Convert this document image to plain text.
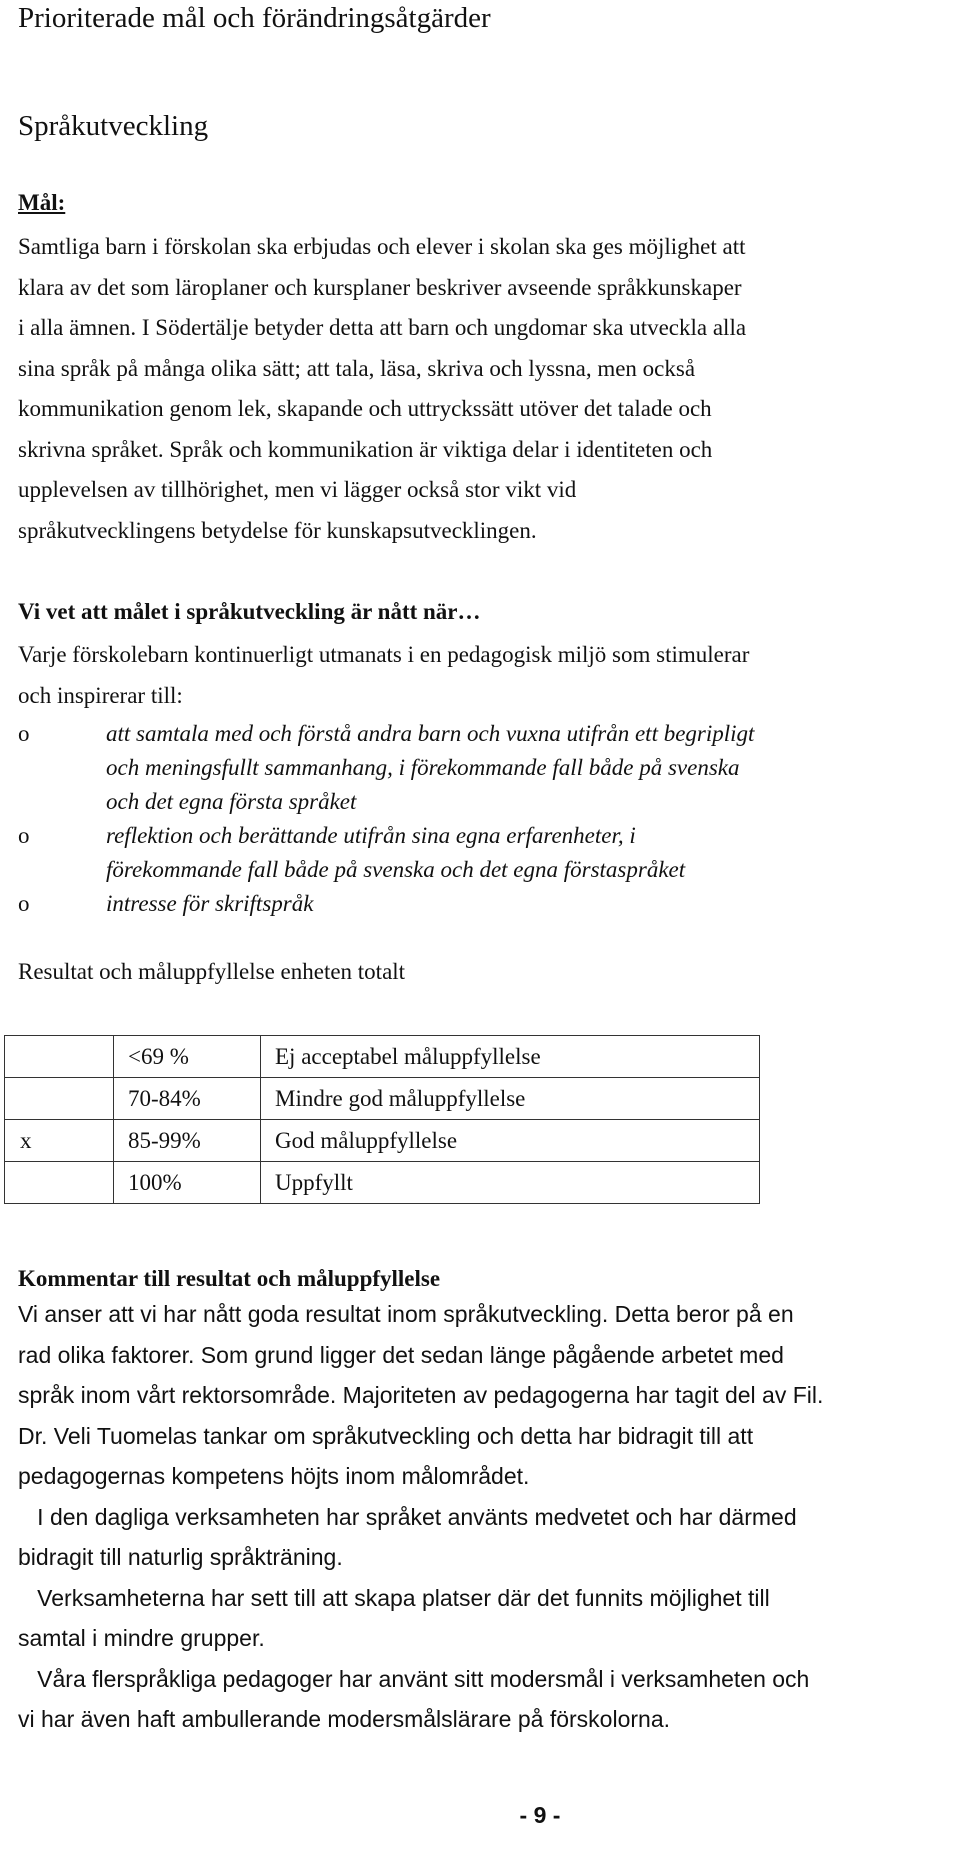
Prioriterade mål och förändringsåtgärder
Språkutveckling
Mål:
Samtliga barn i förskolan ska erbjudas och elever i skolan ska ges möjlighet att
klara av det som läroplaner och kursplaner beskriver avseende språkkunskaper
i alla ämnen. I Södertälje betyder detta att barn och ungdomar ska utveckla alla
sina språk på många olika sätt; att tala, läsa, skriva och lyssna, men också
kommunikation genom lek, skapande och uttryckssätt utöver det talade och
skrivna språket. Språk och kommunikation är viktiga delar i identiteten och
upplevelsen av tillhörighet, men vi lägger också stor vikt vid
språkutvecklingens betydelse för kunskapsutvecklingen.
Vi vet att målet i språkutveckling är nått när…
Varje förskolebarn kontinuerligt utmanats i en pedagogisk miljö som stimulerar
och inspirerar till:
o	att samtala med och förstå andra barn och vuxna utifrån ett begripligt
och meningsfullt sammanhang, i förekommande fall både på svenska
och det egna första språket
o	reflektion och berättande utifrån sina egna erfarenheter, i
förekommande fall både på svenska och det egna förstaspråket
o	intresse för skriftspråk
Resultat och måluppfyllelse enheten totalt
	<69 %	Ej acceptabel måluppfyllelse
	70-84%	Mindre god måluppfyllelse
x	85-99%	God måluppfyllelse
	100%	Uppfyllt
Kommentar till resultat och måluppfyllelse
Vi anser att vi har nått goda resultat inom språkutveckling. Detta beror på en
rad olika faktorer. Som grund ligger det sedan länge pågående arbetet med
språk inom vårt rektorsområde. Majoriteten av pedagogerna har tagit del av Fil.
Dr. Veli Tuomelas tankar om språkutveckling och detta har bidragit till att
pedagogernas kompetens höjts inom målområdet.
I den dagliga verksamheten har språket använts medvetet och har därmed
bidragit till naturlig språkträning.
Verksamheterna har sett till att skapa platser där det funnits möjlighet till
samtal i mindre grupper.
Våra flerspråkliga pedagoger har använt sitt modersmål i verksamheten och
vi har även haft ambullerande modersmålslärare på förskolorna.
- 9 -
